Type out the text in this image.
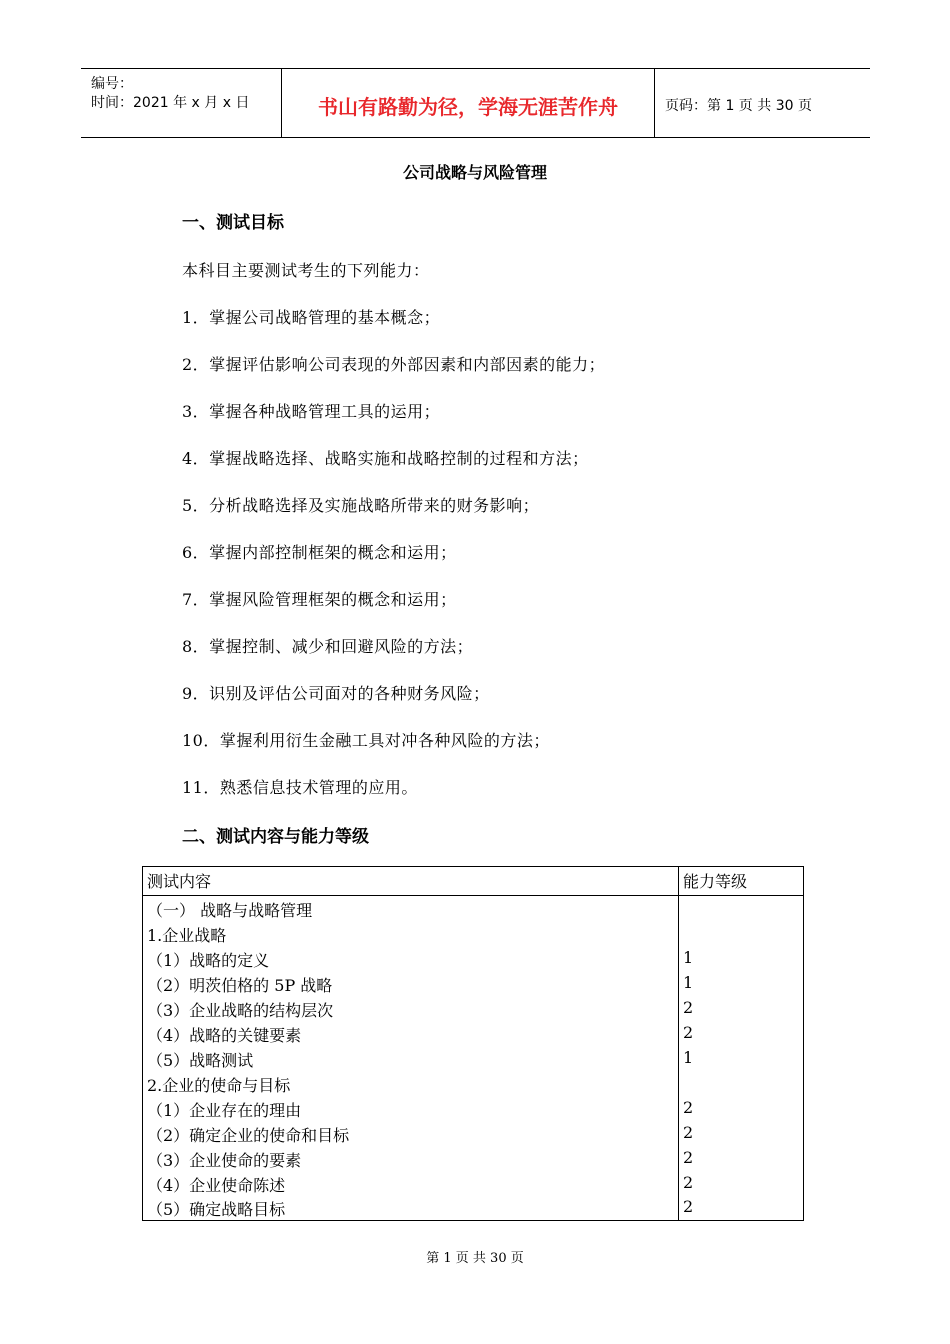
编号：
时间：2021 年 x 月 x 日	书山有路勤为径，学海无涯苦作舟	页码：第 1 页 共 30 页
公司战略与风险管理
一、测试目标
本科目主要测试考生的下列能力：
1．掌握公司战略管理的基本概念；
2．掌握评估影响公司表现的外部因素和内部因素的能力；
3．掌握各种战略管理工具的运用；
4．掌握战略选择、战略实施和战略控制的过程和方法；
5．分析战略选择及实施战略所带来的财务影响；
6．掌握内部控制框架的概念和运用；
7．掌握风险管理框架的概念和运用；
8．掌握控制、减少和回避风险的方法；
9．识别及评估公司面对的各种财务风险；
10．掌握利用衍生金融工具对冲各种风险的方法；
11．熟悉信息技术管理的应用。
二、测试内容与能力等级
测试内容	能力等级
（一） 战略与战略管理
1.企业战略
（1）战略的定义	1
（2）明茨伯格的 5P 战略	1
（3）企业战略的结构层次	2
（4）战略的关键要素	2
（5）战略测试	1
2.企业的使命与目标
（1）企业存在的理由	2
（2）确定企业的使命和目标	2
（3）企业使命的要素	2
（4）企业使命陈述	2
（5）确定战略目标	2
第 1 页 共 30 页
